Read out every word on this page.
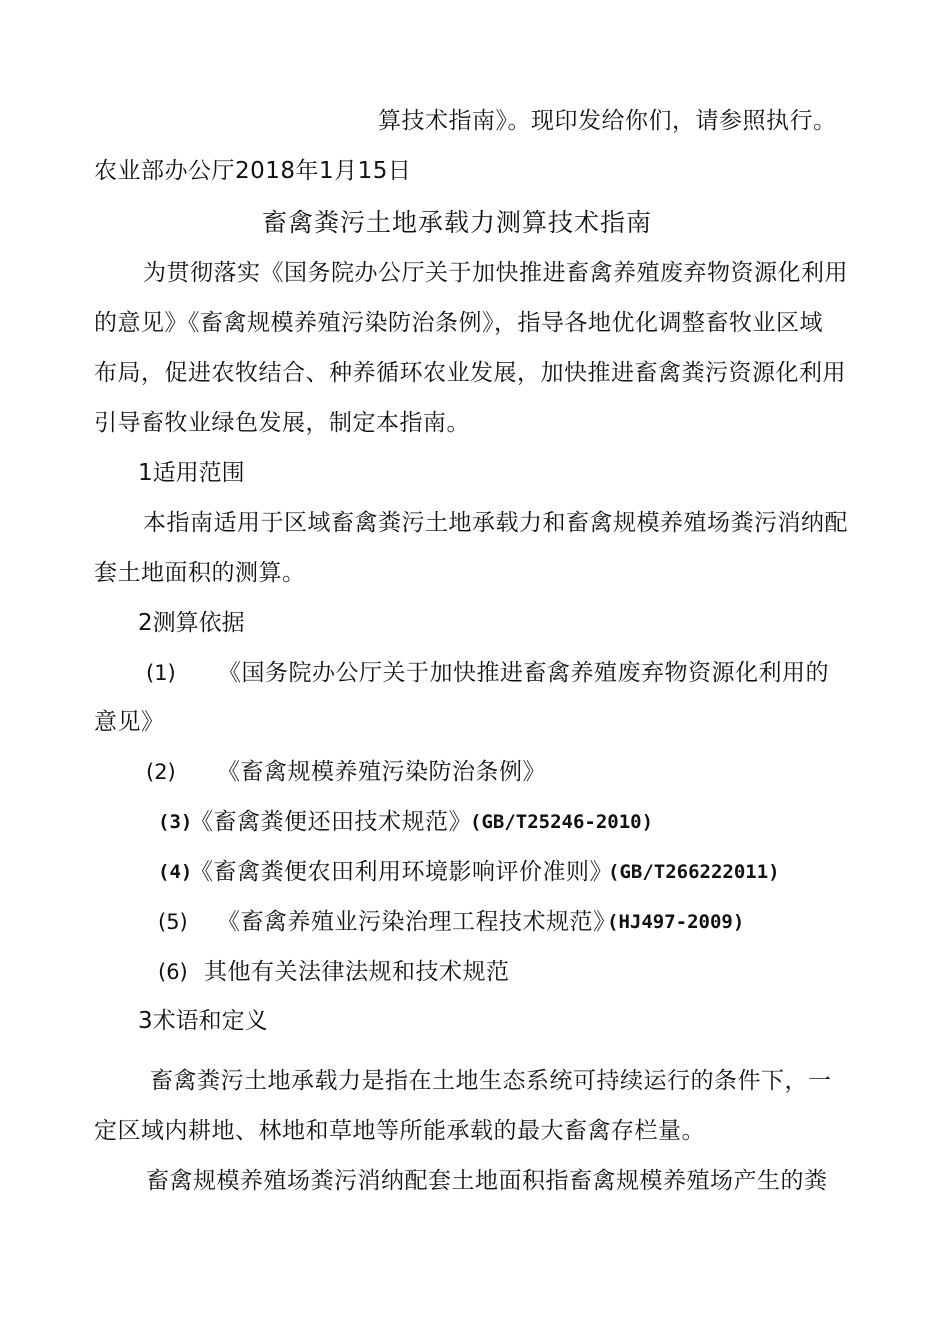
算技术指南》。现印发给你们，请参照执行。
农业部办公厅2018年1月15日
畜禽粪污土地承载力测算技术指南
为贯彻落实《国务院办公厅关于加快推进畜禽养殖废弃物资源化利用
的意见》《畜禽规模养殖污染防治条例》，指导各地优化调整畜牧业区域
布局，促进农牧结合、种养循环农业发展，加快推进畜禽粪污资源化利用
引导畜牧业绿色发展，制定本指南。
1适用范围
本指南适用于区域畜禽粪污土地承载力和畜禽规模养殖场粪污消纳配
套土地面积的测算。
2测算依据
(1) 《国务院办公厅关于加快推进畜禽养殖废弃物资源化利用的
意见》
(2) 《畜禽规模养殖污染防治条例》
(3)
《畜禽粪便还田技术规范》
(GB/T25246-2010)
(4)
《畜禽粪便农田利用环境影响评价准则》
(GB/T266222011)
(5) 《畜禽养殖业污染治理工程技术规范》
(HJ497-2009)
(6) 其他有关法律法规和技术规范
3术语和定义
畜禽粪污土地承载力是指在土地生态系统可持续运行的条件下，一
定区域内耕地、林地和草地等所能承载的最大畜禽存栏量。
畜禽规模养殖场粪污消纳配套土地面积指畜禽规模养殖场产生的粪
